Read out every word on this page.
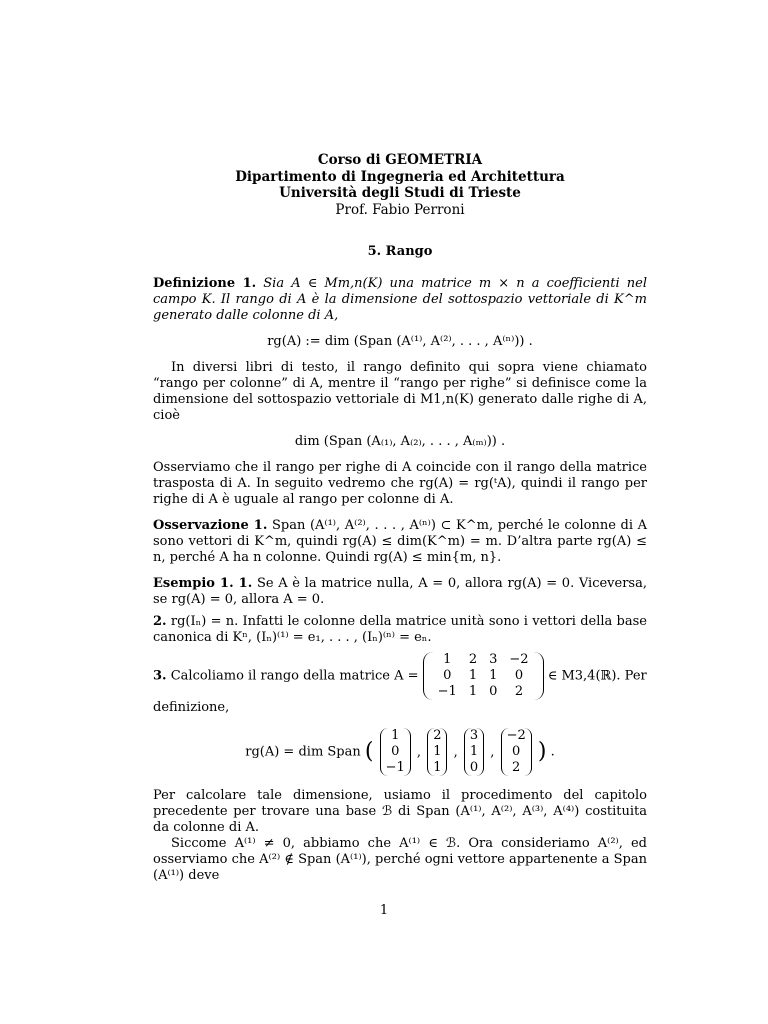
Corso di GEOMETRIA
Dipartimento di Ingegneria ed Architettura
Università degli Studi di Trieste
Prof. Fabio Perroni
5. Rango

Definizione 1. Sia A ∈ Mm,n(K) una matrice m × n a coefficienti nel campo K. Il rango di A è la dimensione del sottospazio vettoriale di K^m generato dalle colonne di A,

rg(A) := dim (Span (A⁽¹⁾, A⁽²⁾, . . . , A⁽ⁿ⁾)) .

In diversi libri di testo, il rango definito qui sopra viene chiamato “rango per colonne” di A, mentre il “rango per righe” si definisce come la dimensione del sottospazio vettoriale di M1,n(K) generato dalle righe di A, cioè

dim (Span (A₍₁₎, A₍₂₎, . . . , A₍ₘ₎)) .

Osserviamo che il rango per righe di A coincide con il rango della matrice trasposta di A. In seguito vedremo che rg(A) = rg(ᵗA), quindi il rango per righe di A è uguale al rango per colonne di A.

Osservazione 1. Span (A⁽¹⁾, A⁽²⁾, . . . , A⁽ⁿ⁾) ⊂ K^m, perché le colonne di A sono vettori di K^m, quindi rg(A) ≤ dim(K^m) = m. D’altra parte rg(A) ≤ n, perché A ha n colonne. Quindi rg(A) ≤ min{m, n}.

Esempio 1. 1. Se A è la matrice nulla, A = 0, allora rg(A) = 0. Viceversa, se rg(A) = 0, allora A = 0.

2. rg(Iₙ) = n. Infatti le colonne della matrice unità sono i vettori della base canonica di Kⁿ, (Iₙ)⁽¹⁾ = e₁, . . . , (Iₙ)⁽ⁿ⁾ = eₙ.

3. Calcoliamo il rango della matrice A =
1	2	3	−2
0	1	1	0
−1	1	0	2
∈ M3,4(ℝ). Per
definizione,
rg(A) = dim Span (
1
0
−1
,
2
1
1
,
3
1
0
,
−2
0
2
) .

Per calcolare tale dimensione, usiamo il procedimento del capitolo precedente per trovare una base ℬ di Span (A⁽¹⁾, A⁽²⁾, A⁽³⁾, A⁽⁴⁾) costituita da colonne di A.

Siccome A⁽¹⁾ ≠ 0, abbiamo che A⁽¹⁾ ∈ ℬ. Ora consideriamo A⁽²⁾, ed osserviamo che A⁽²⁾ ∉ Span (A⁽¹⁾), perché ogni vettore appartenente a Span (A⁽¹⁾) deve

1
